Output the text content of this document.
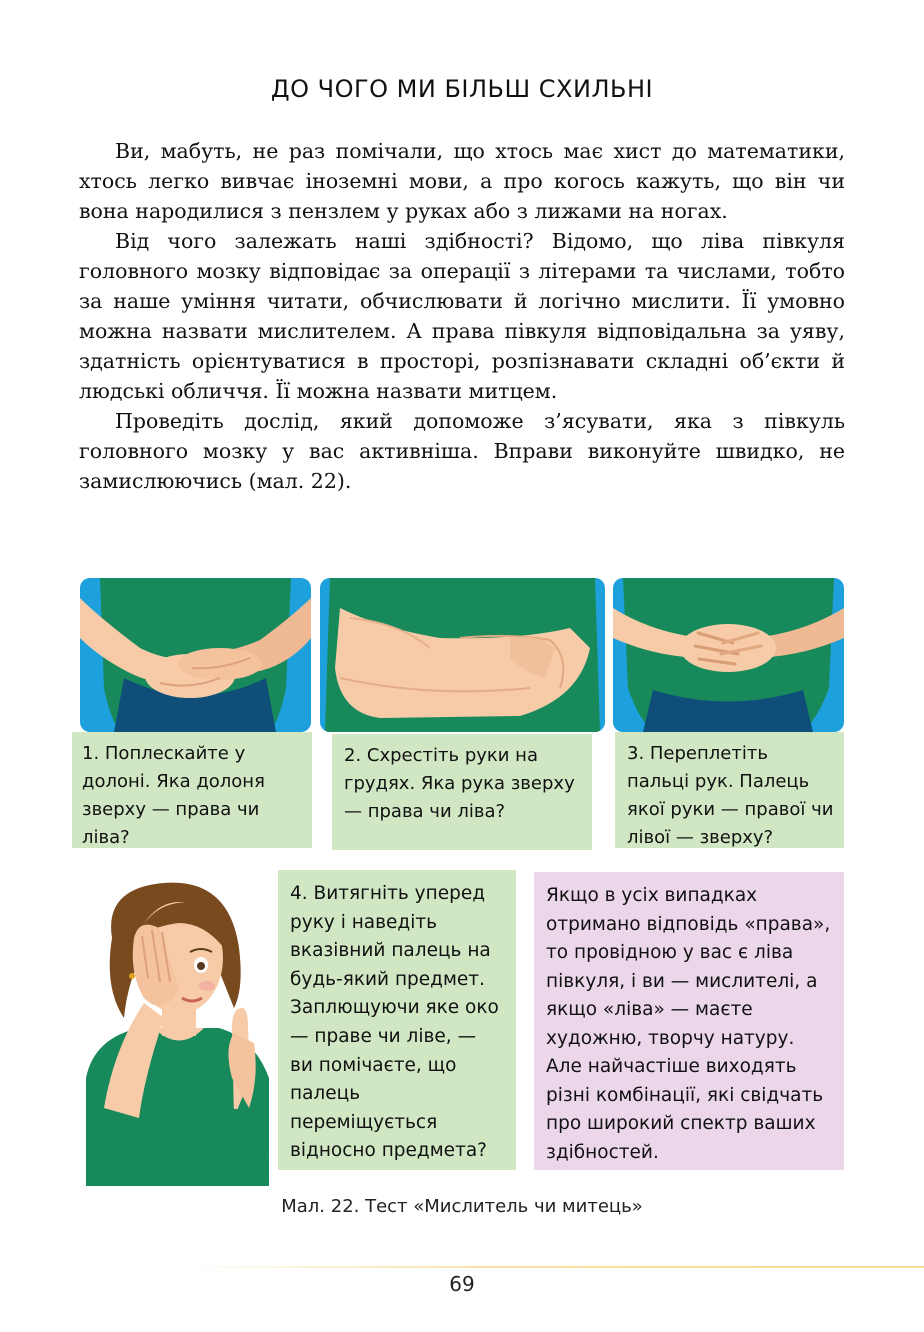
ДО ЧОГО МИ БІЛЬШ СХИЛЬНІ

Ви, мабуть, не раз помічали, що хтось має хист до математики, хтось легко вивчає іноземні мови, а про когось кажуть, що він чи вона народилися з пензлем у руках або з лижами на ногах.

Від чого залежать наші здібності? Відомо, що ліва півкуля головного мозку відповідає за операції з літерами та числами, тобто за наше уміння читати, обчислювати й логічно мислити. Її умовно можна назвати мислителем. А права півкуля відповідальна за уяву, здатність орієнтуватися в просторі, розпізнавати складні об’єкти й людські обличчя. Її можна назвати митцем.

Проведіть дослід, який допоможе з’ясувати, яка з півкуль головного мозку у вас активніша. Вправи виконуйте швидко, не замислюючись (мал. 22).

1. Поплескайте у долоні. Яка долоня зверху — права чи ліва?
2. Схрестіть руки на грудях. Яка рука зверху — права чи ліва?
3. Переплетіть пальці рук. Палець якої руки — правої чи лівої — зверху?
4. Витягніть уперед руку і наведіть вказівний палець на будь-який предмет. Заплющуючи яке око — праве чи ліве, — ви помічаєте, що палець переміщується відносно предмета?
Якщо в усіх випадках отримано відповідь «права», то провідною у вас є ліва півкуля, і ви — мислителі, а якщо «ліва» — маєте художню, творчу натуру. Але найчастіше виходять різні комбінації, які свідчать про широкий спектр ваших здібностей.
Мал. 22. Тест «Мислитель чи митець»
69
